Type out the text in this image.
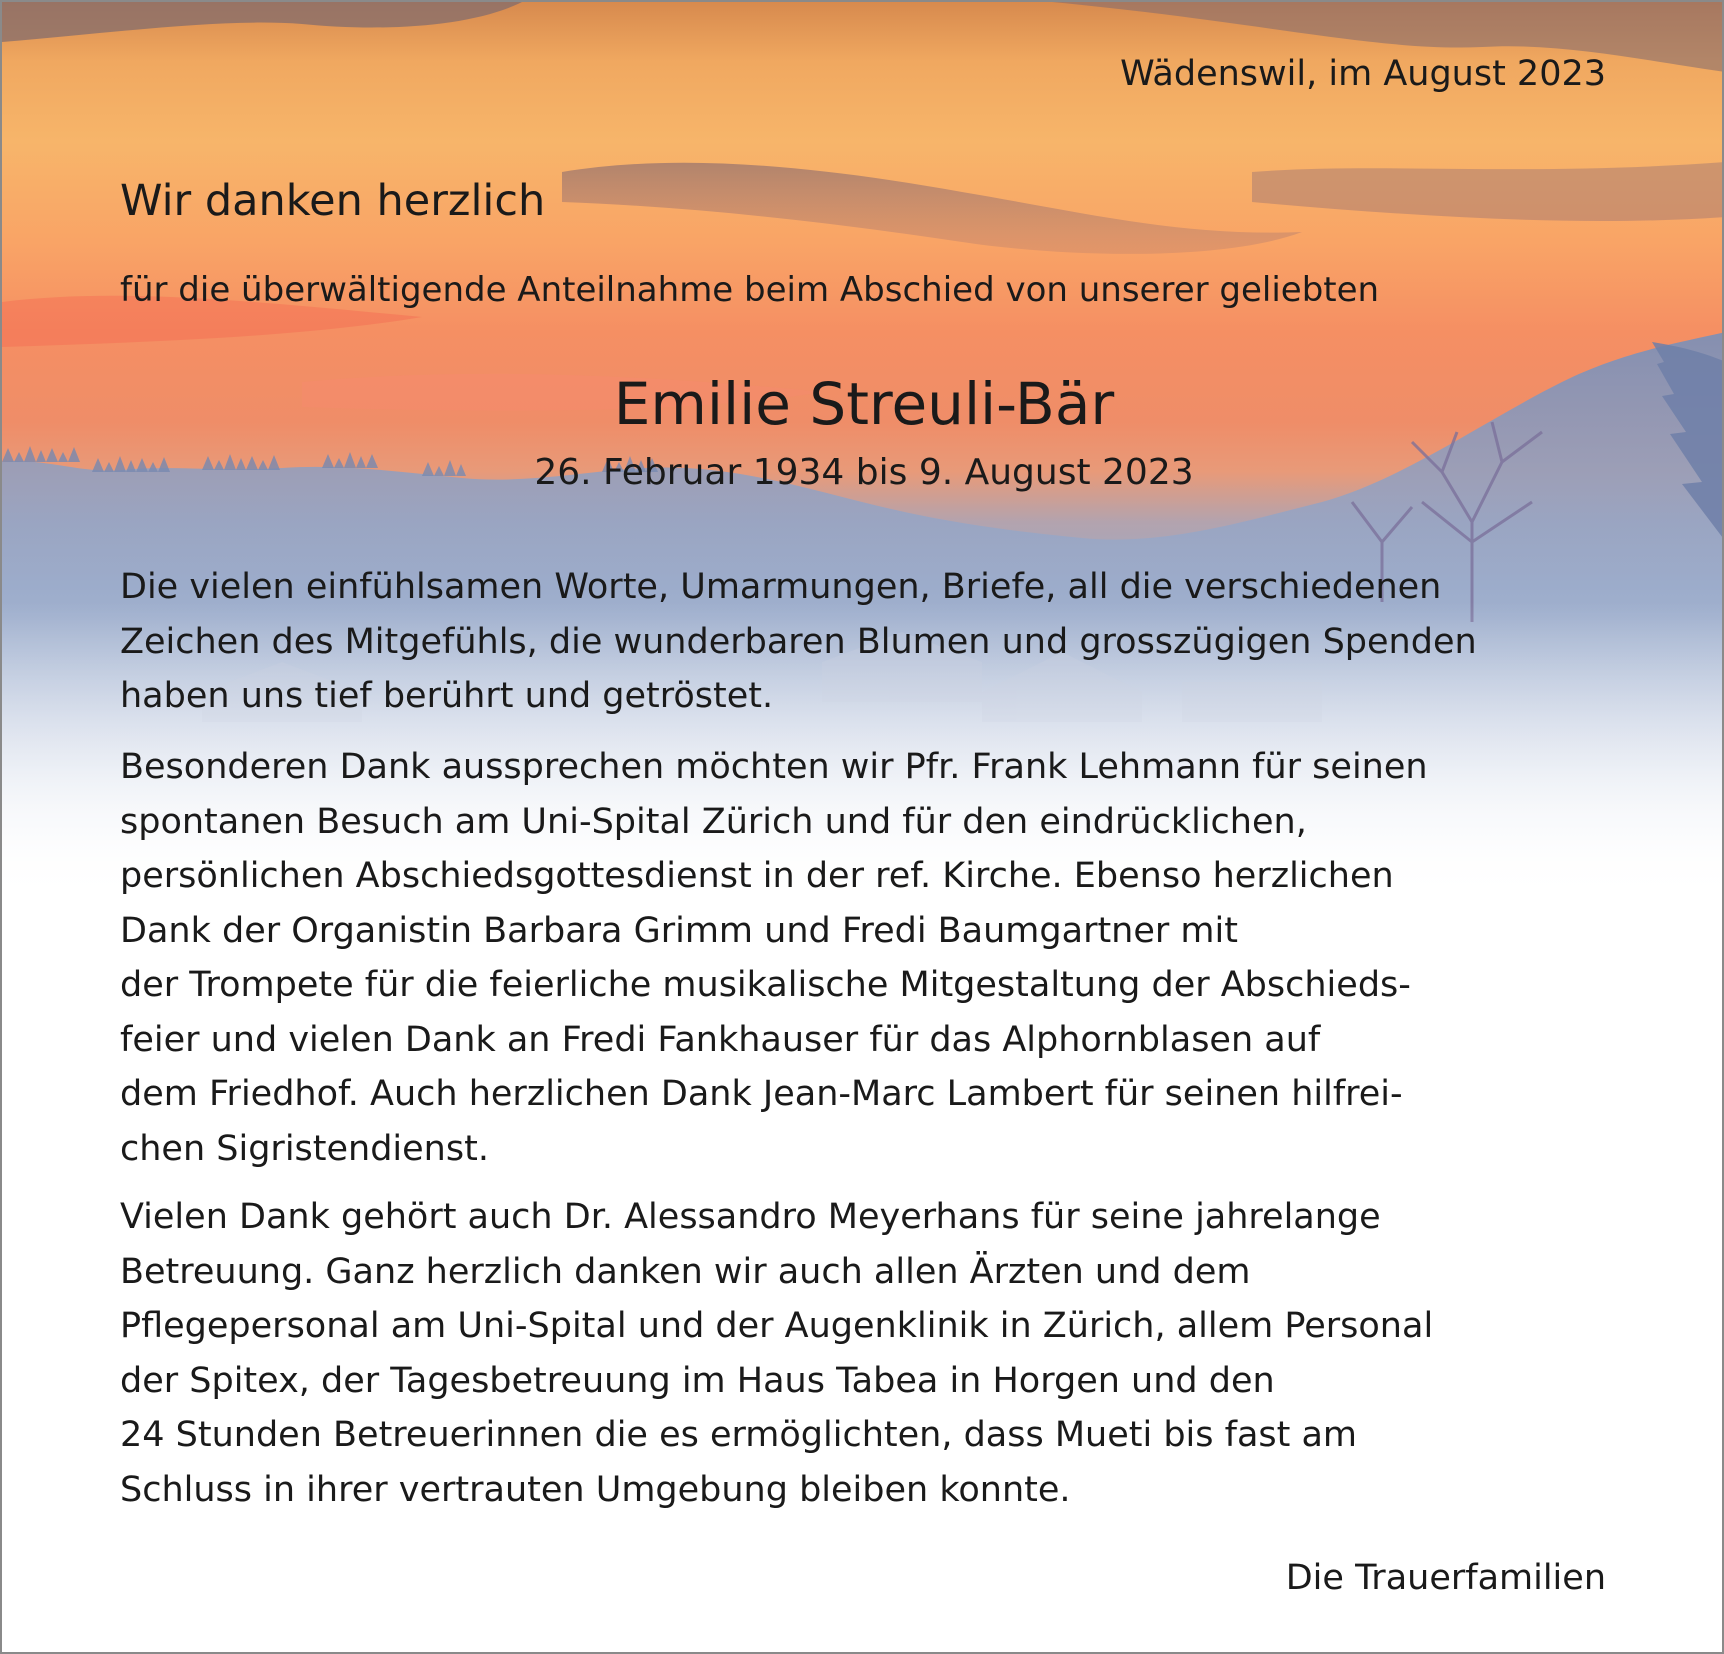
Wädenswil, im August 2023
Wir danken herzlich
für die überwältigende Anteilnahme beim Abschied von unserer geliebten
Emilie Streuli-Bär
26. Februar 1934 bis 9. August 2023
Die vielen einfühlsamen Worte, Umarmungen, Briefe, all die verschiedenen
Zeichen des Mitgefühls, die wunderbaren Blumen und grosszügigen Spenden
haben uns tief berührt und getröstet.
Besonderen Dank aussprechen möchten wir Pfr. Frank Lehmann für seinen
spontanen Besuch am Uni-Spital Zürich und für den eindrücklichen,
persönlichen Abschiedsgottesdienst in der ref. Kirche. Ebenso herzlichen
Dank der Organistin Barbara Grimm und Fredi Baumgartner mit
der Trompete für die feierliche musikalische Mitgestaltung der Abschieds-
feier und vielen Dank an Fredi Fankhauser für das Alphornblasen auf
dem Friedhof. Auch herzlichen Dank Jean-Marc Lambert für seinen hilfrei-
chen Sigristendienst.
Vielen Dank gehört auch Dr. Alessandro Meyerhans für seine jahrelange
Betreuung. Ganz herzlich danken wir auch allen Ärzten und dem
Pflegepersonal am Uni-Spital und der Augenklinik in Zürich, allem Personal
der Spitex, der Tagesbetreuung im Haus Tabea in Horgen und den
24 Stunden Betreuerinnen die es ermöglichten, dass Mueti bis fast am
Schluss in ihrer vertrauten Umgebung bleiben konnte.
Die Trauerfamilien
